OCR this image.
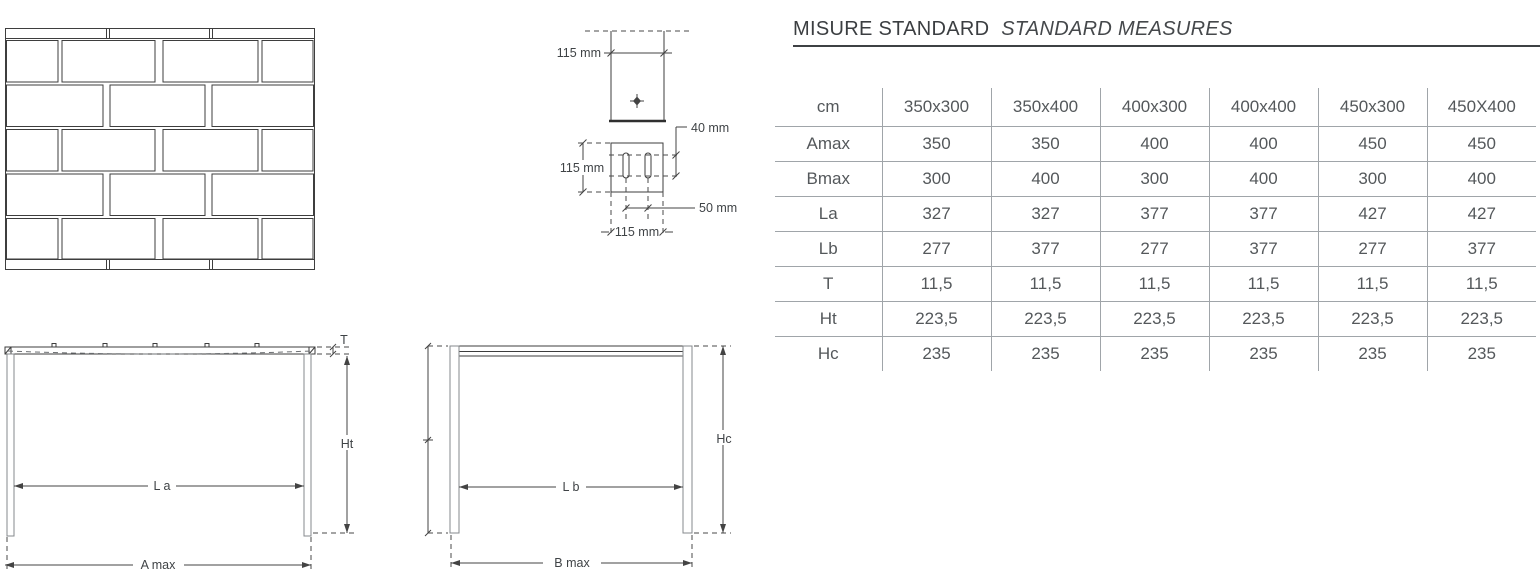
115 mm
115 mm
40 mm
50 mm
115 mm
T
Ht
L a
A max
Hc
L b
B max
MISURE STANDARD STANDARD MEASURES
cm	350x300	350x400	400x300	400x400	450x300	450X400
Amax	350	350	400	400	450	450
Bmax	300	400	300	400	300	400
La	327	327	377	377	427	427
Lb	277	377	277	377	277	377
T	11,5	11,5	11,5	11,5	11,5	11,5
Ht	223,5	223,5	223,5	223,5	223,5	223,5
Hc	235	235	235	235	235	235
